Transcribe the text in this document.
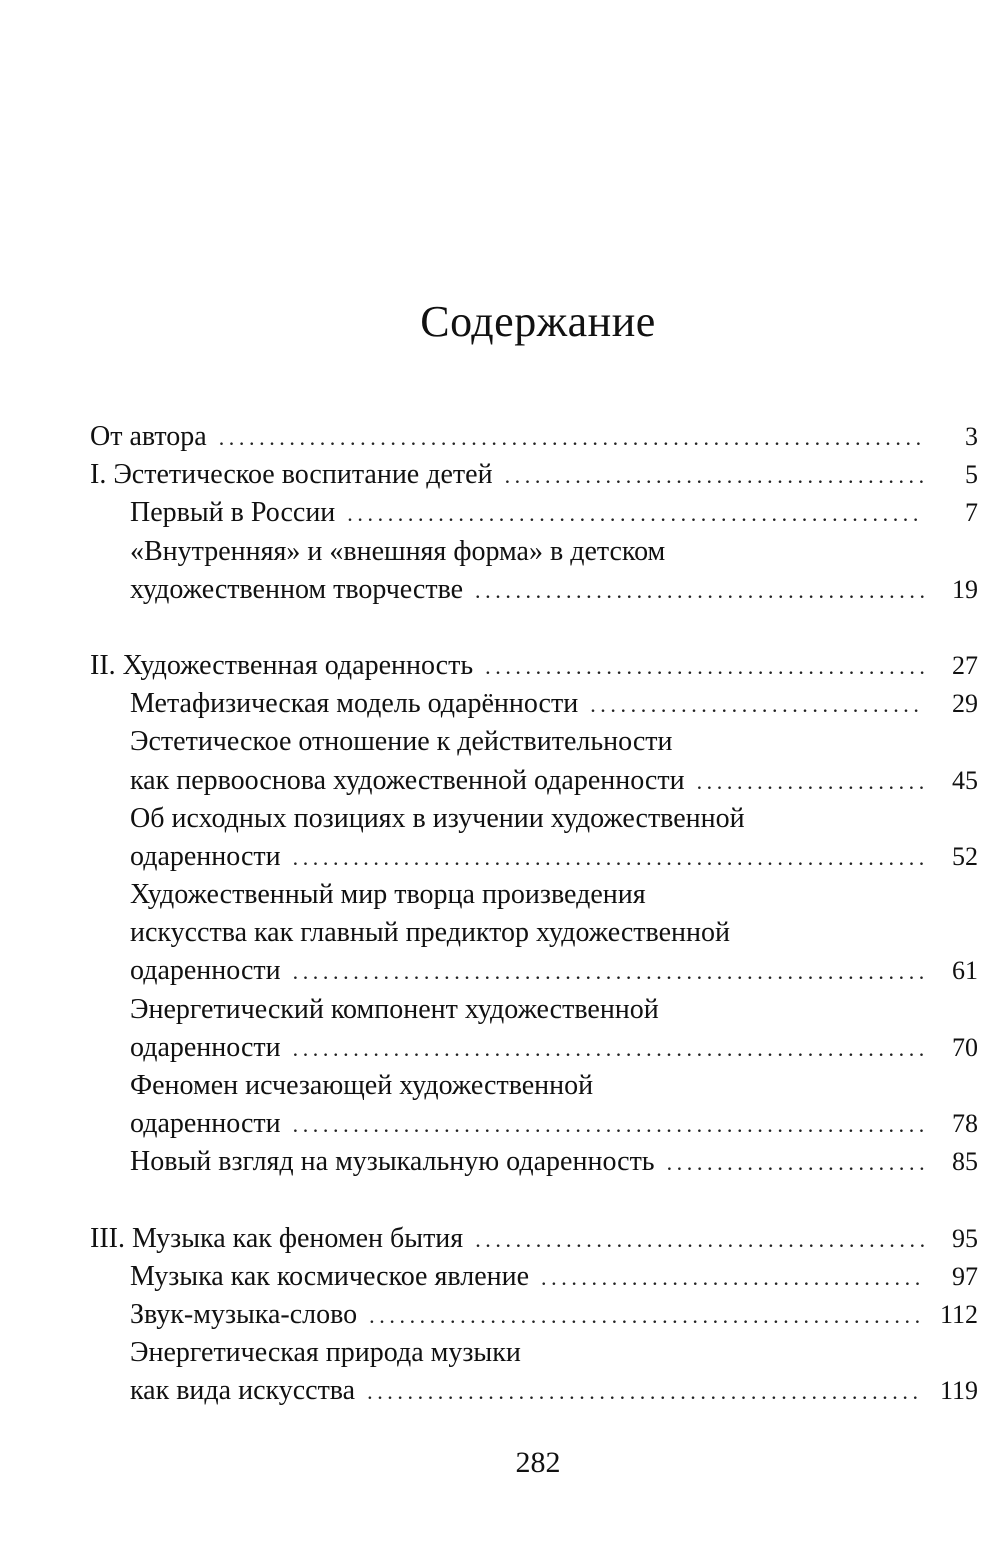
Содержание
От автора .....	3
I. Эстетическое воспитание детей .....	5
Первый в России .....	7
«Внутренняя» и «внешняя форма» в детском
художественном творчестве .....	19
II. Художественная одаренность .....	27
Метафизическая модель одарённости .....	29
Эстетическое отношение к действительности
как первооснова художественной одаренности .....	45
Об исходных позициях в изучении художественной
одаренности .....	52
Художественный мир творца произведения
искусства как главный предиктор художественной
одаренности .....	61
Энергетический компонент художественной
одаренности .....	70
Феномен исчезающей художественной
одаренности .....	78
Новый взгляд на музыкальную одаренность .....	85
III. Музыка как феномен бытия .....	95
Музыка как космическое явление .....	97
Звук-музыка-слово .....	112
Энергетическая природа музыки
как вида искусства .....	119
282
